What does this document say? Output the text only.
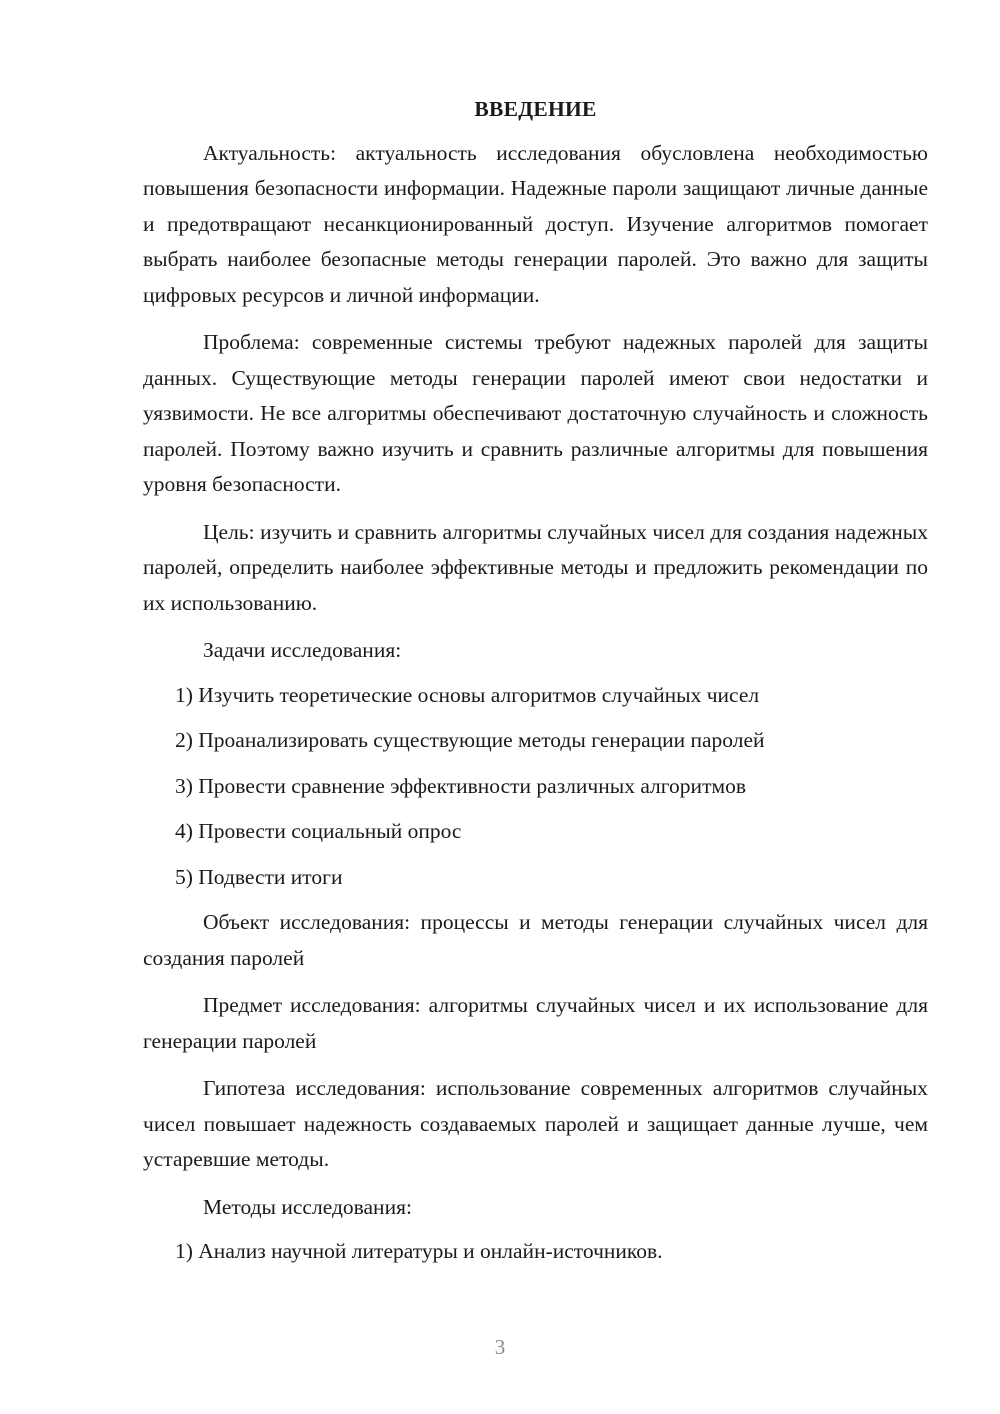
ВВЕДЕНИЕ

Актуальность: актуальность исследования обусловлена необходимостью повышения безопасности информации. Надежные пароли защищают личные данные и предотвращают несанкционированный доступ. Изучение алгоритмов помогает выбрать наиболее безопасные методы генерации паролей. Это важно для защиты цифровых ресурсов и личной информации.

Проблема: современные системы требуют надежных паролей для защиты данных. Существующие методы генерации паролей имеют свои недостатки и уязвимости. Не все алгоритмы обеспечивают достаточную случайность и сложность паролей. Поэтому важно изучить и сравнить различные алгоритмы для повышения уровня безопасности.

Цель: изучить и сравнить алгоритмы случайных чисел для создания надежных паролей, определить наиболее эффективные методы и предложить рекомендации по их использованию.

Задачи исследования:
1) Изучить теоретические основы алгоритмов случайных чисел
2) Проанализировать существующие методы генерации паролей
3) Провести сравнение эффективности различных алгоритмов
4) Провести социальный опрос
5) Подвести итоги

Объект исследования: процессы и методы генерации случайных чисел для создания паролей

Предмет исследования: алгоритмы случайных чисел и их использование для генерации паролей

Гипотеза исследования: использование современных алгоритмов случайных чисел повышает надежность создаваемых паролей и защищает данные лучше, чем устаревшие методы.

Методы исследования:
1) Анализ научной литературы и онлайн-источников.
3
